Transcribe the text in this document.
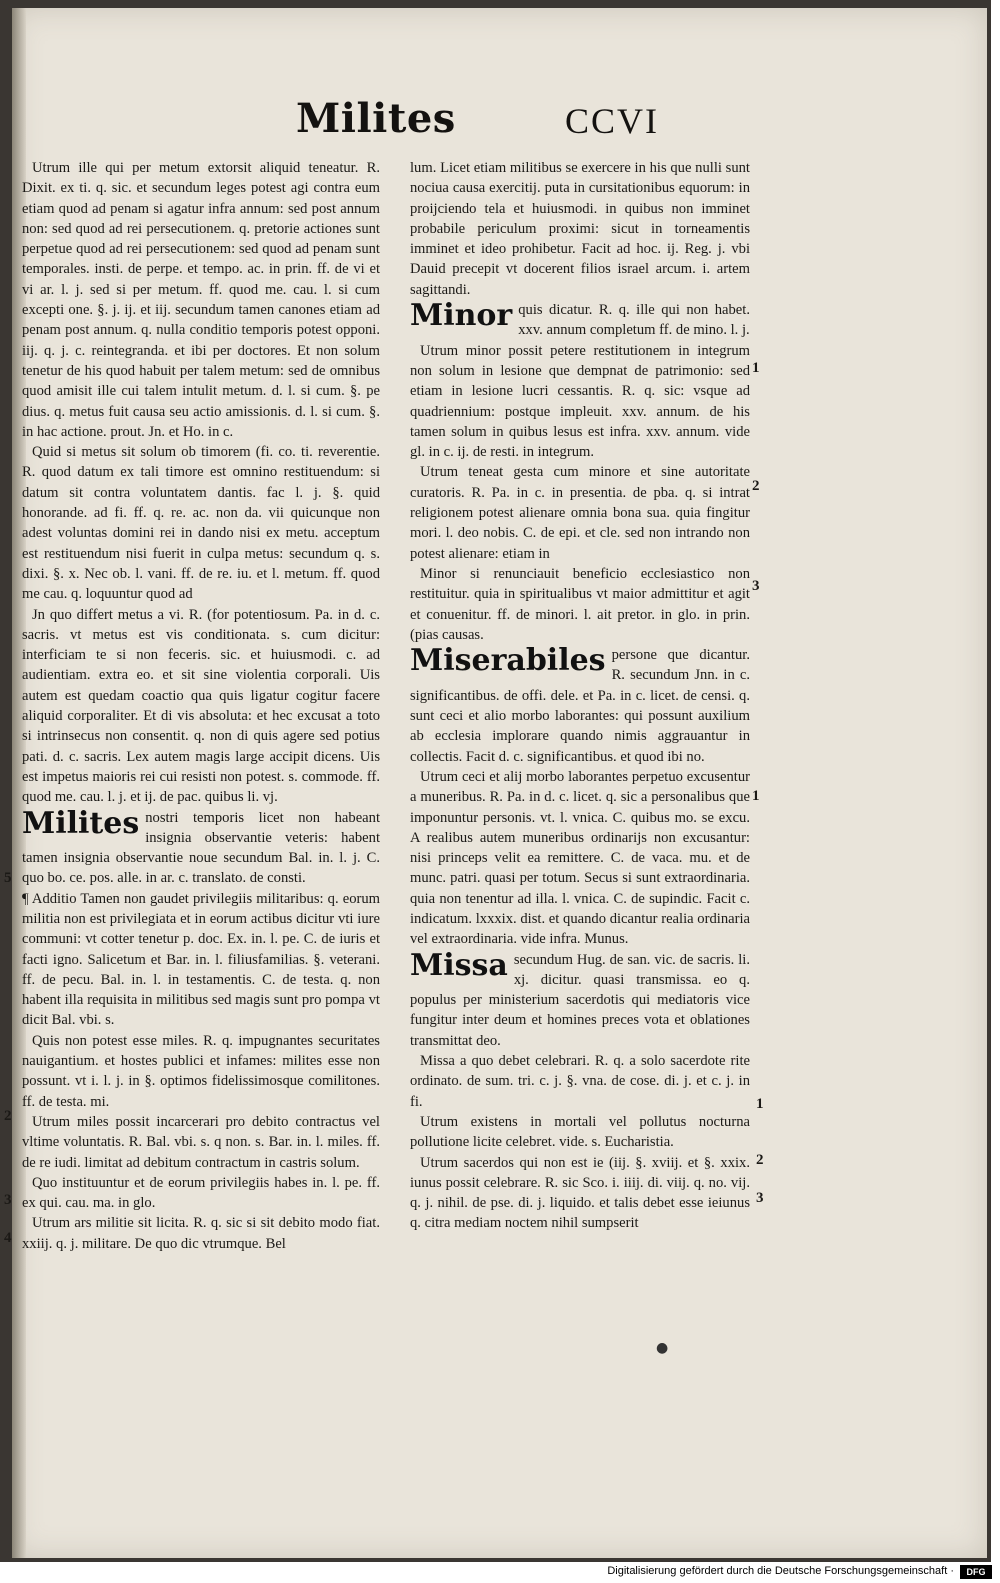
Milites	CCVI

Utrum ille qui per metum extorsit aliquid teneatur. R. Dixit. ex ti. q. sic. et secundum leges potest agi contra eum etiam quod ad penam si agatur infra annum: sed post annum non: sed quod ad rei persecutionem. q. pretorie actiones sunt perpetue quod ad rei persecutionem: sed quod ad penam sunt temporales. insti. de perpe. et tempo. ac. in prin. ff. de vi et vi ar. l. j. sed si per metum. ff. quod me. cau. l. si cum excepti one. §. j. ij. et iij. secundum tamen canones etiam ad penam post annum. q. nulla conditio temporis potest opponi. iij. q. j. c. reintegranda. et ibi per doctores. Et non solum tenetur de his quod habuit per talem metum: sed de omnibus quod amisit ille cui talem intulit metum. d. l. si cum. §. pe dius. q. metus fuit causa seu actio amissionis. d. l. si cum. §. in hac actione. prout. Jn. et Ho. in c.

Quid si metus sit solum ob timorem (fi. co. ti. reverentie. R. quod datum ex tali timore est omnino restituendum: si datum sit contra voluntatem dantis. fac l. j. §. quid honorande. ad fi. ff. q. re. ac. non da. vii quicunque non adest voluntas domini rei in dando nisi ex metu. acceptum est restituendum nisi fuerit in culpa metus: secundum q. s. dixi. §. x. Nec ob. l. vani. ff. de re. iu. et l. metum. ff. quod me cau. q. loquuntur quod ad

Jn quo differt metus a vi. R. (for potentiosum. Pa. in d. c. sacris. vt metus est vis conditionata. s. cum dicitur: interficiam te si non feceris. sic. et huiusmodi. c. ad audientiam. extra eo. et sit sine violentia corporali. Uis autem est quedam coactio qua quis ligatur cogitur facere aliquid corporaliter. Et di vis absoluta: et hec excusat a toto si intrinsecus non consentit. q. non di quis agere sed potius pati. d. c. sacris. Lex autem magis large accipit dicens. Uis est impetus maioris rei cui resisti non potest. s. commode. ff. quod me. cau. l. j. et ij. de pac. quibus li. vj.

Milites nostri temporis licet non habeant insignia observantie veteris: habent tamen insignia observantie noue secundum Bal. in. l. j. C. quo bo. ce. pos. alle. in ar. c. translato. de consti.

¶ Additio Tamen non gaudet privilegiis militaribus: q. eorum militia non est privilegiata et in eorum actibus dicitur vti iure communi: vt cotter tenetur p. doc. Ex. in. l. pe. C. de iuris et facti igno. Salicetum et Bar. in. l. filiusfamilias. §. veterani. ff. de pecu. Bal. in. l. in testamentis. C. de testa. q. non habent illa requisita in militibus sed magis sunt pro pompa vt dicit Bal. vbi. s.

Quis non potest esse miles. R. q. impugnantes securitates nauigantium. et hostes publici et infames: milites esse non possunt. vt i. l. j. in §. optimos fidelissimosque comilitones. ff. de testa. mi.

Utrum miles possit incarcerari pro debito contractus vel vltime voluntatis. R. Bal. vbi. s. q non. s. Bar. in. l. miles. ff. de re iudi. limitat ad debitum contractum in castris solum.

Quo instituuntur et de eorum privilegiis habes in. l. pe. ff. ex qui. cau. ma. in glo.

Utrum ars militie sit licita. R. q. sic si sit debito modo fiat. xxiij. q. j. militare. De quo dic vtrumque. Bel

lum. Licet etiam militibus se exercere in his que nulli sunt nociua causa exercitij. puta in cursitationibus equorum: in proijciendo tela et huiusmodi. in quibus non imminet probabile periculum proximi: sicut in torneamentis imminet et ideo prohibetur. Facit ad hoc. ij. Reg. j. vbi Dauid precepit vt docerent filios israel arcum. i. artem sagittandi.

Minor quis dicatur. R. q. ille qui non habet. xxv. annum completum ff. de mino. l. j.

Utrum minor possit petere restitutionem in integrum non solum in lesione que dempnat de patrimonio: sed etiam in lesione lucri cessantis. R. q. sic: vsque ad quadriennium: postque impleuit. xxv. annum. de his tamen solum in quibus lesus est infra. xxv. annum. vide gl. in c. ij. de resti. in integrum.

Utrum teneat gesta cum minore et sine autoritate curatoris. R. Pa. in c. in presentia. de pba. q. si intrat religionem potest alienare omnia bona sua. quia fingitur mori. l. deo nobis. C. de epi. et cle. sed non intrando non potest alienare: etiam in

Minor si renunciauit beneficio ecclesiastico non restituitur. quia in spiritualibus vt maior admittitur et agit et conuenitur. ff. de minori. l. ait pretor. in glo. in prin. (pias causas.

Miserabiles persone que dicantur. R. secundum Jnn. in c. significantibus. de offi. dele. et Pa. in c. licet. de censi. q. sunt ceci et alio morbo laborantes: qui possunt auxilium ab ecclesia implorare quando nimis aggrauantur in collectis. Facit d. c. significantibus. et quod ibi no.

Utrum ceci et alij morbo laborantes perpetuo excusentur a muneribus. R. Pa. in d. c. licet. q. sic a personalibus que imponuntur personis. vt. l. vnica. C. quibus mo. se excu. A realibus autem muneribus ordinarijs non excusantur: nisi princeps velit ea remittere. C. de vaca. mu. et de munc. patri. quasi per totum. Secus si sunt extraordinaria. quia non tenentur ad illa. l. vnica. C. de supindic. Facit c. indicatum. lxxxix. dist. et quando dicantur realia ordinaria vel extraordinaria. vide infra. Munus.

Missa secundum Hug. de san. vic. de sacris. li. xj. dicitur. quasi transmissa. eo q. populus per ministerium sacerdotis qui mediatoris vice fungitur inter deum et homines preces vota et oblationes transmittat deo.

Missa a quo debet celebrari. R. q. a solo sacerdote rite ordinato. de sum. tri. c. j. §. vna. de cose. di. j. et c. j. in fi.

Utrum existens in mortali vel pollutus nocturna pollutione licite celebret. vide. s. Eucharistia.

Utrum sacerdos qui non est ie (iij. §. xviij. et §. xxix. iunus possit celebrare. R. sic Sco. i. iiij. di. viij. q. no. vij. q. j. nihil. de pse. di. j. liquido. et talis debet esse ieiunus q. citra mediam noctem nihil sumpserit

1
2
3
1
1
2
3
2
3
4
5
●
Digitalisierung gefördert durch die Deutsche Forschungsgemeinschaft ·	DFG
